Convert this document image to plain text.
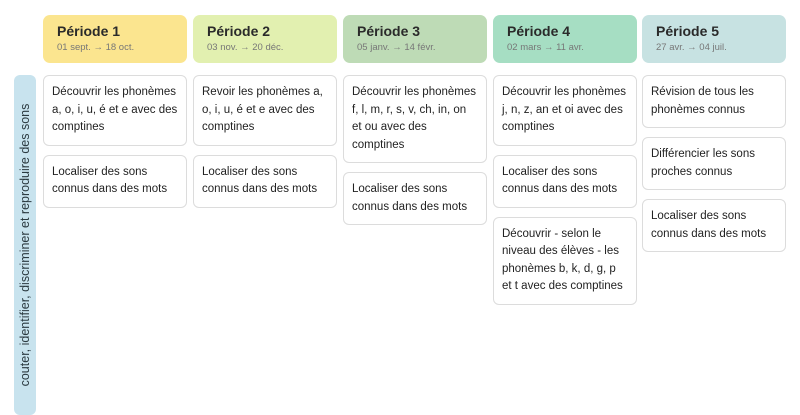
couter, identifier, discriminer et reproduire des sons
Période 1
01 sept. → 18 oct.
Période 2
03 nov. → 20 déc.
Période 3
05 janv. → 14 févr.
Période 4
02 mars → 11 avr.
Période 5
27 avr. → 04 juil.
Découvrir les phonèmes a, o, i, u, é et e avec des comptines
Localiser des sons connus dans des mots
Revoir les phonèmes a, o, i, u, é et e avec des comptines
Localiser des sons connus dans des mots
Découvrir les phonèmes f, l, m, r, s, v, ch, in, on et ou avec des comptines
Localiser des sons connus dans des mots
Découvrir les phonèmes j, n, z, an et oi avec des comptines
Localiser des sons connus dans des mots
Découvrir - selon le niveau des élèves - les phonèmes b, k, d, g, p et t avec des comptines
Révision de tous les phonèmes connus
Différencier les sons proches connus
Localiser des sons connus dans des mots
